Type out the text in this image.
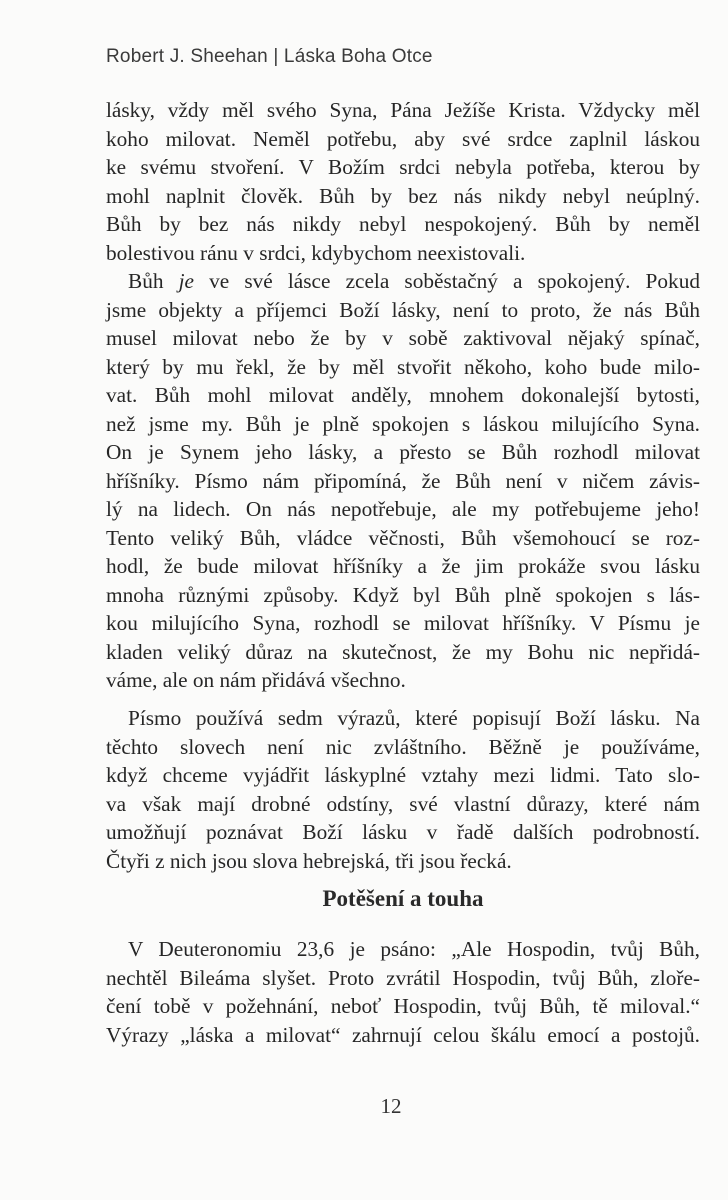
Robert J. Sheehan | Láska Boha Otce
lásky, vždy měl svého Syna, Pána Ježíše Krista. Vždycky měl
koho milovat. Neměl potřebu, aby své srdce zaplnil láskou
ke svému stvoření. V Božím srdci nebyla potřeba, kterou by
mohl naplnit člověk. Bůh by bez nás nikdy nebyl neúplný.
Bůh by bez nás nikdy nebyl nespokojený. Bůh by neměl
bolestivou ránu v srdci, kdybychom neexistovali.
Bůh je ve své lásce zcela soběstačný a spokojený. Pokud
jsme objekty a příjemci Boží lásky, není to proto, že nás Bůh
musel milovat nebo že by v sobě zaktivoval nějaký spínač,
který by mu řekl, že by měl stvořit někoho, koho bude milo-
vat. Bůh mohl milovat anděly, mnohem dokonalejší bytosti,
než jsme my. Bůh je plně spokojen s láskou milujícího Syna.
On je Synem jeho lásky, a přesto se Bůh rozhodl milovat
hříšníky. Písmo nám připomíná, že Bůh není v ničem závis-
lý na lidech. On nás nepotřebuje, ale my potřebujeme jeho!
Tento veliký Bůh, vládce věčnosti, Bůh všemohoucí se roz-
hodl, že bude milovat hříšníky a že jim prokáže svou lásku
mnoha různými způsoby. Když byl Bůh plně spokojen s lás-
kou milujícího Syna, rozhodl se milovat hříšníky. V Písmu je
kladen veliký důraz na skutečnost, že my Bohu nic nepřidá-
váme, ale on nám přidává všechno.
Písmo používá sedm výrazů, které popisují Boží lásku. Na
těchto slovech není nic zvláštního. Běžně je používáme,
když chceme vyjádřit láskyplné vztahy mezi lidmi. Tato slo-
va však mají drobné odstíny, své vlastní důrazy, které nám
umožňují poznávat Boží lásku v řadě dalších podrobností.
Čtyři z nich jsou slova hebrejská, tři jsou řecká.
Potěšení a touha
V Deuteronomiu 23,6 je psáno: „Ale Hospodin, tvůj Bůh,
nechtěl Bileáma slyšet. Proto zvrátil Hospodin, tvůj Bůh, zloře-
čení tobě v požehnání, neboť Hospodin, tvůj Bůh, tě miloval.“
Výrazy „láska a milovat“ zahrnují celou škálu emocí a postojů.
12
